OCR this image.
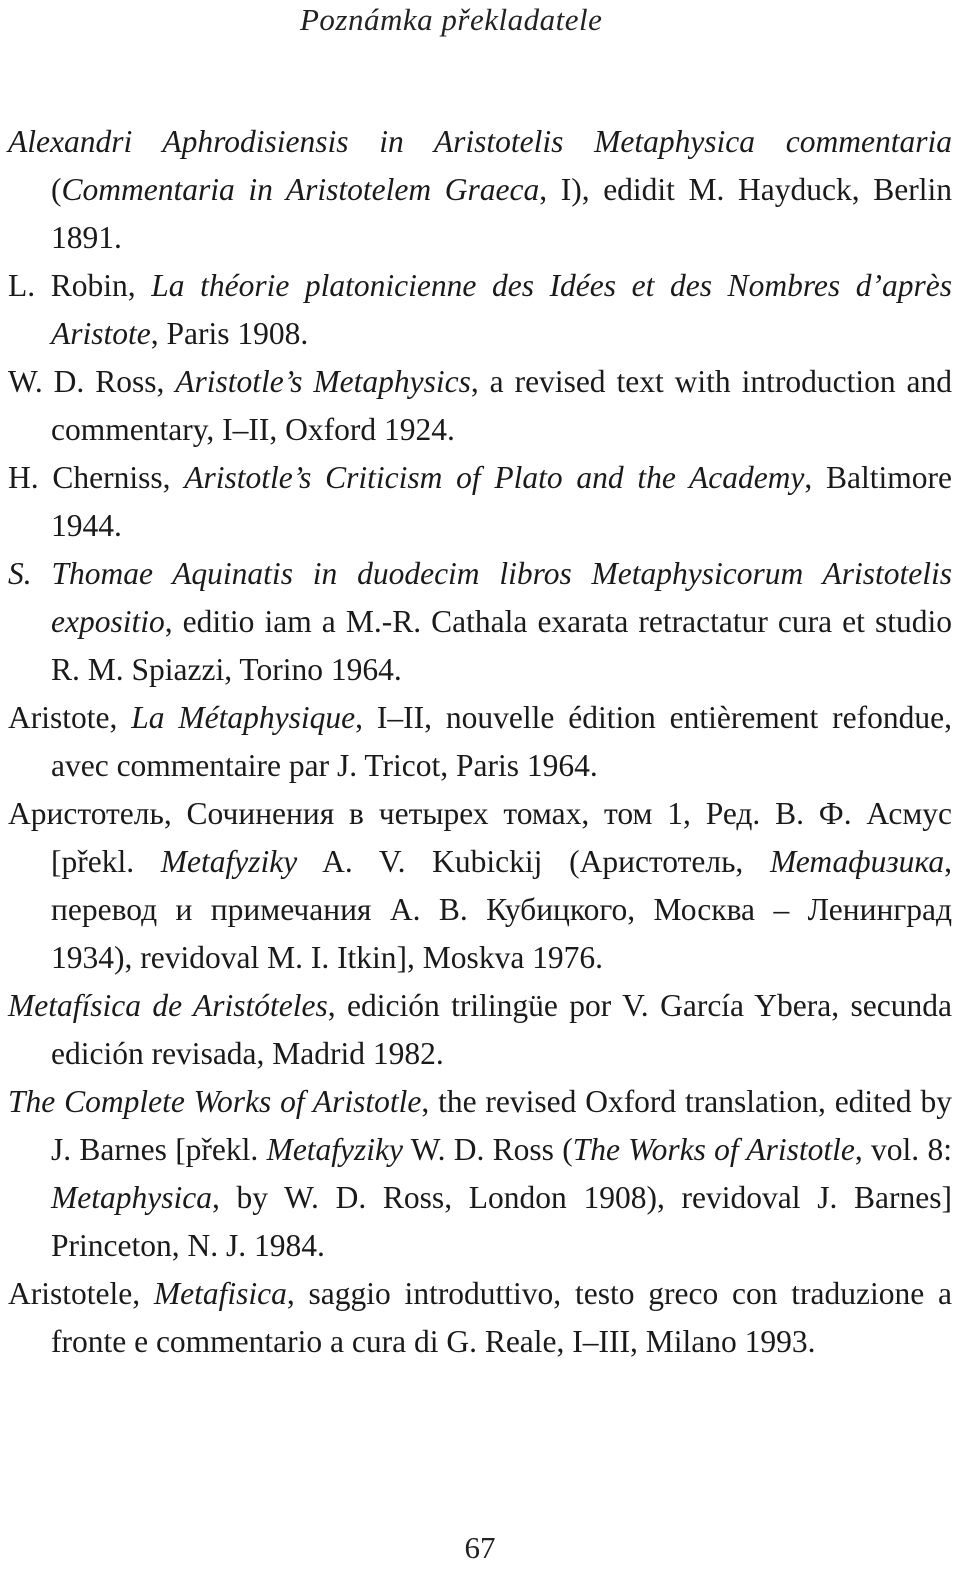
Poznámka překladatele
Alexandri Aphrodisiensis in Aristotelis Metaphysica commentaria (Commentaria in Aristotelem Graeca, I), edidit M. Hayduck, Berlin 1891.
L. Robin, La théorie platonicienne des Idées et des Nombres d’après Aristote, Paris 1908.
W. D. Ross, Aristotle’s Metaphysics, a revised text with introduction and commentary, I–II, Oxford 1924.
H. Cherniss, Aristotle’s Criticism of Plato and the Academy, Baltimore 1944.
S. Thomae Aquinatis in duodecim libros Metaphysicorum Aristotelis expositio, editio iam a M.-R. Cathala exarata retractatur cura et studio R. M. Spiazzi, Torino 1964.
Aristote, La Métaphysique, I–II, nouvelle édition entièrement refondue, avec commentaire par J. Tricot, Paris 1964.
Аристотель, Сочинения в четырех томах, том 1, Ред. В. Ф. Асмус [překl. Metafyziky A. V. Kubickij (Аристотель, Метафизика, перевод и примечания А. В. Кубицкого, Москва – Ленинград 1934), revidoval M. I. Itkin], Moskva 1976.
Metafísica de Aristóteles, edición trilingüe por V. García Ybera, secunda edición revisada, Madrid 1982.
The Complete Works of Aristotle, the revised Oxford translation, edited by J. Barnes [překl. Metafyziky W. D. Ross (The Works of Aristotle, vol. 8: Metaphysica, by W. D. Ross, London 1908), revidoval J. Barnes] Princeton, N. J. 1984.
Aristotele, Metafisica, saggio introduttivo, testo greco con traduzione a fronte e commentario a cura di G. Reale, I–III, Milano 1993.
67
